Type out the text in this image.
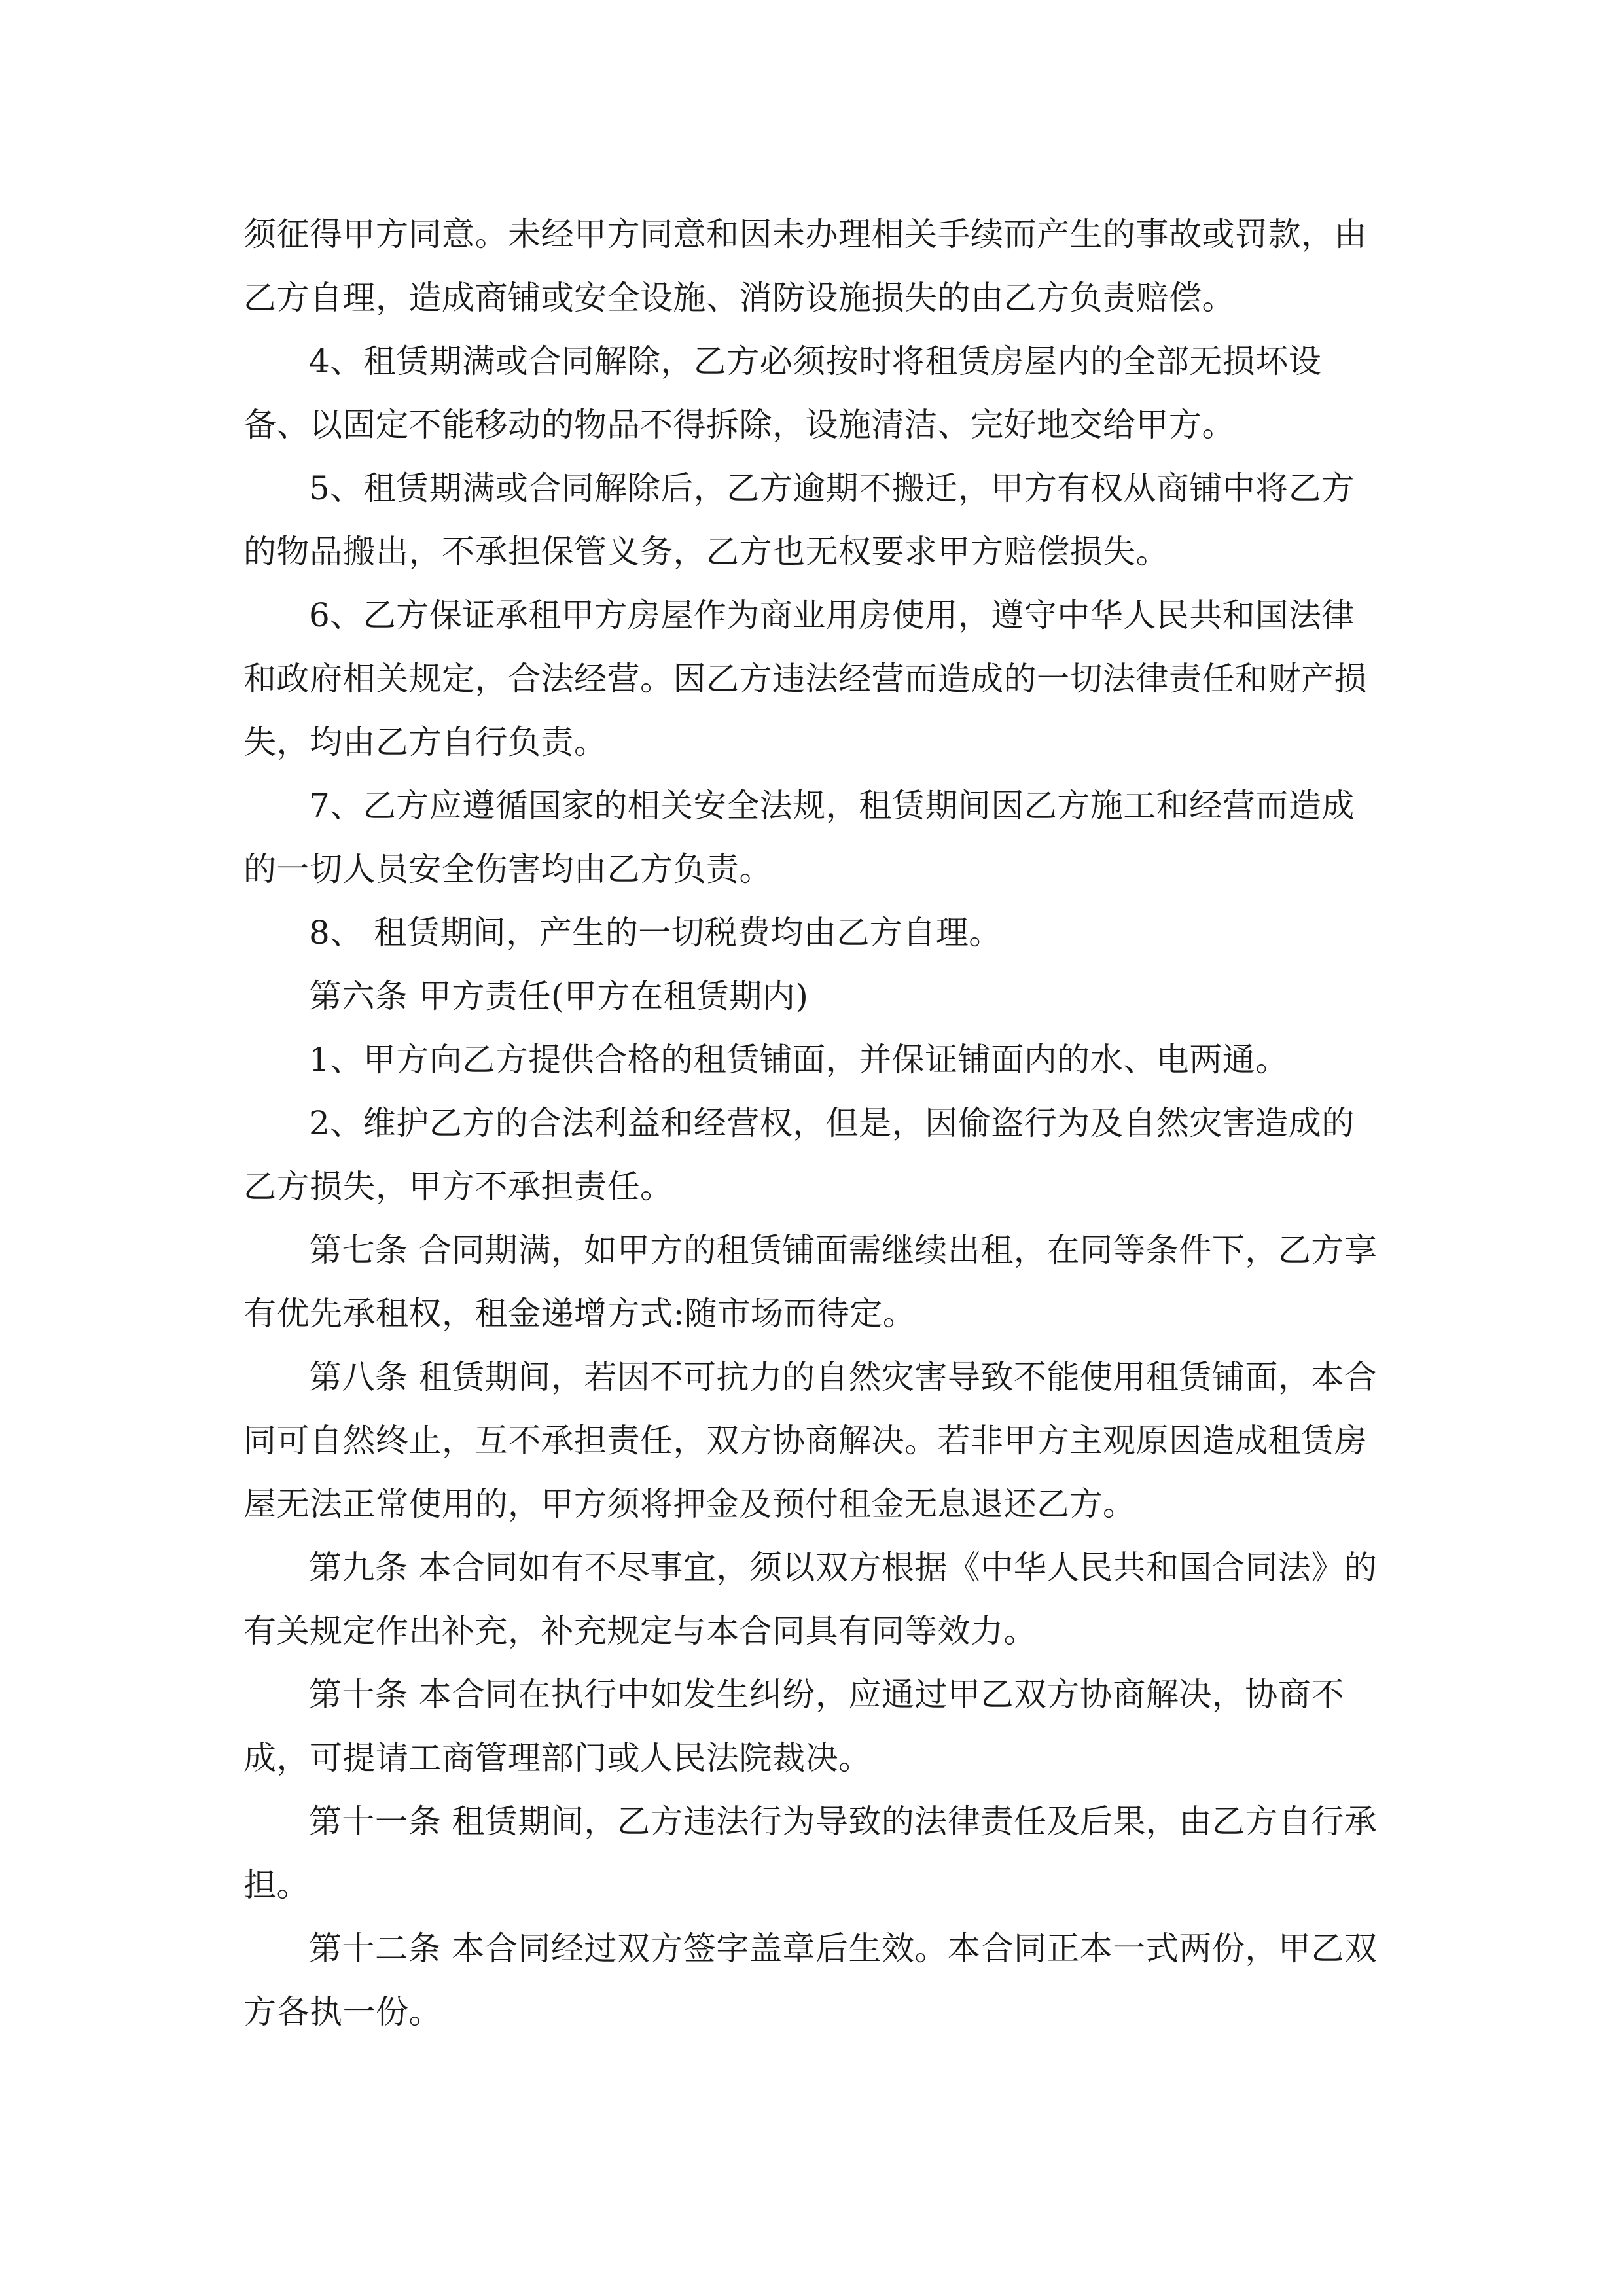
须征得甲方同意。未经甲方同意和因未办理相关手续而产生的事故或罚款，由乙方自理，造成商铺或安全设施、消防设施损失的由乙方负责赔偿。

4、租赁期满或合同解除，乙方必须按时将租赁房屋内的全部无损坏设备、以固定不能移动的物品不得拆除，设施清洁、完好地交给甲方。

5、租赁期满或合同解除后，乙方逾期不搬迁，甲方有权从商铺中将乙方的物品搬出，不承担保管义务，乙方也无权要求甲方赔偿损失。

6、乙方保证承租甲方房屋作为商业用房使用，遵守中华人民共和国法律和政府相关规定，合法经营。因乙方违法经营而造成的一切法律责任和财产损失，均由乙方自行负责。

7、乙方应遵循国家的相关安全法规，租赁期间因乙方施工和经营而造成的一切人员安全伤害均由乙方负责。

8、 租赁期间，产生的一切税费均由乙方自理。

第六条 甲方责任(甲方在租赁期内)

1、甲方向乙方提供合格的租赁铺面，并保证铺面内的水、电两通。

2、维护乙方的合法利益和经营权，但是，因偷盗行为及自然灾害造成的乙方损失，甲方不承担责任。

第七条 合同期满，如甲方的租赁铺面需继续出租，在同等条件下，乙方享有优先承租权，租金递增方式:随市场而待定。

第八条 租赁期间，若因不可抗力的自然灾害导致不能使用租赁铺面，本合同可自然终止，互不承担责任，双方协商解决。若非甲方主观原因造成租赁房屋无法正常使用的，甲方须将押金及预付租金无息退还乙方。

第九条 本合同如有不尽事宜，须以双方根据《中华人民共和国合同法》的有关规定作出补充，补充规定与本合同具有同等效力。

第十条 本合同在执行中如发生纠纷，应通过甲乙双方协商解决，协商不成，可提请工商管理部门或人民法院裁决。

第十一条 租赁期间，乙方违法行为导致的法律责任及后果，由乙方自行承担。

第十二条 本合同经过双方签字盖章后生效。本合同正本一式两份，甲乙双方各执一份。
